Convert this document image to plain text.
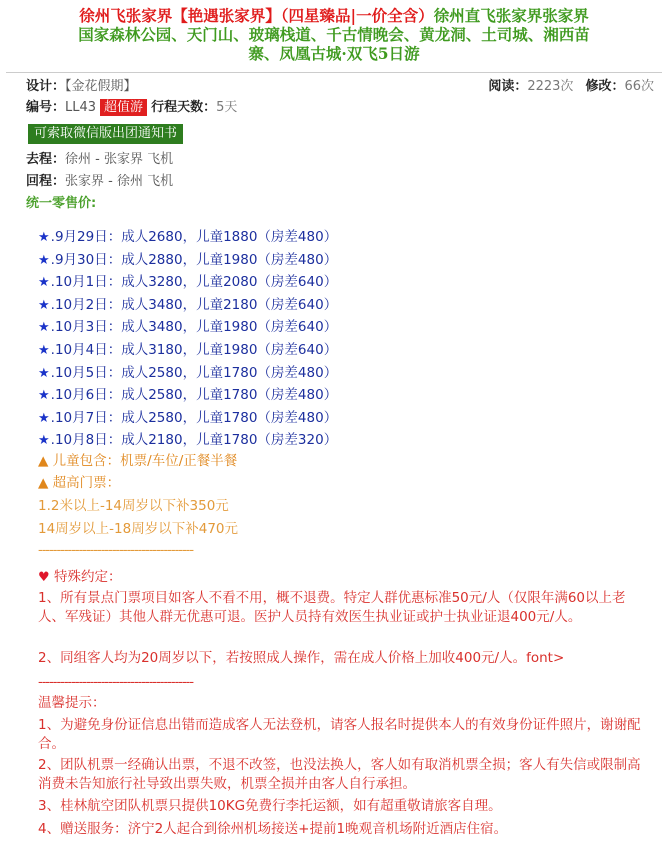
徐州飞张家界【艳遇张家界】（四星臻品|一价全含）徐州直飞张家界张家界
国家森林公园、天门山、玻璃栈道、千古情晚会、黄龙洞、土司城、湘西苗
寨、凤凰古城·双飞5日游
设计：【金花假期】	阅读：2223次 修改：66次
编号：LL43 超值游 行程天数：5天
可索取微信版出团通知书
去程：徐州 - 张家界 飞机
回程：张家界 - 徐州 飞机
统一零售价:
★.9月29日：成人2680，儿童1880（房差480）
★.9月30日：成人2880，儿童1980（房差480）
★.10月1日：成人3280，儿童2080（房差640）
★.10月2日：成人3480，儿童2180（房差640）
★.10月3日：成人3480，儿童1980（房差640）
★.10月4日：成人3180，儿童1980（房差640）
★.10月5日：成人2580，儿童1780（房差480）
★.10月6日：成人2580，儿童1780（房差480）
★.10月7日：成人2580，儿童1780（房差480）
★.10月8日：成人2180，儿童1780（房差320）
▲ 儿童包含：机票/车位/正餐半餐
▲ 超高门票：
1.2米以上-14周岁以下补350元
14周岁以上-18周岁以下补470元
------------------------------------------
♥ 特殊约定：
1、所有景点门票项目如客人不看不用，概不退费。特定人群优惠标准50元/人（仅限年满60以上老人、军残证）其他人群无优惠可退。医护人员持有效医生执业证或护士执业证退400元/人。
2、同组客人均为20周岁以下，若按照成人操作，需在成人价格上加收400元/人。font>
------------------------------------------
温馨提示：
1、为避免身份证信息出错而造成客人无法登机，请客人报名时提供本人的有效身份证件照片，谢谢配合。
2、团队机票一经确认出票，不退不改签，也没法换人，客人如有取消机票全损；客人有失信或限制高消费未告知旅行社导致出票失败，机票全损并由客人自行承担。
3、桂林航空团队机票只提供10KG免费行李托运额，如有超重敬请旅客自理。
4、赠送服务：济宁2人起合到徐州机场接送+提前1晚观音机场附近酒店住宿。
